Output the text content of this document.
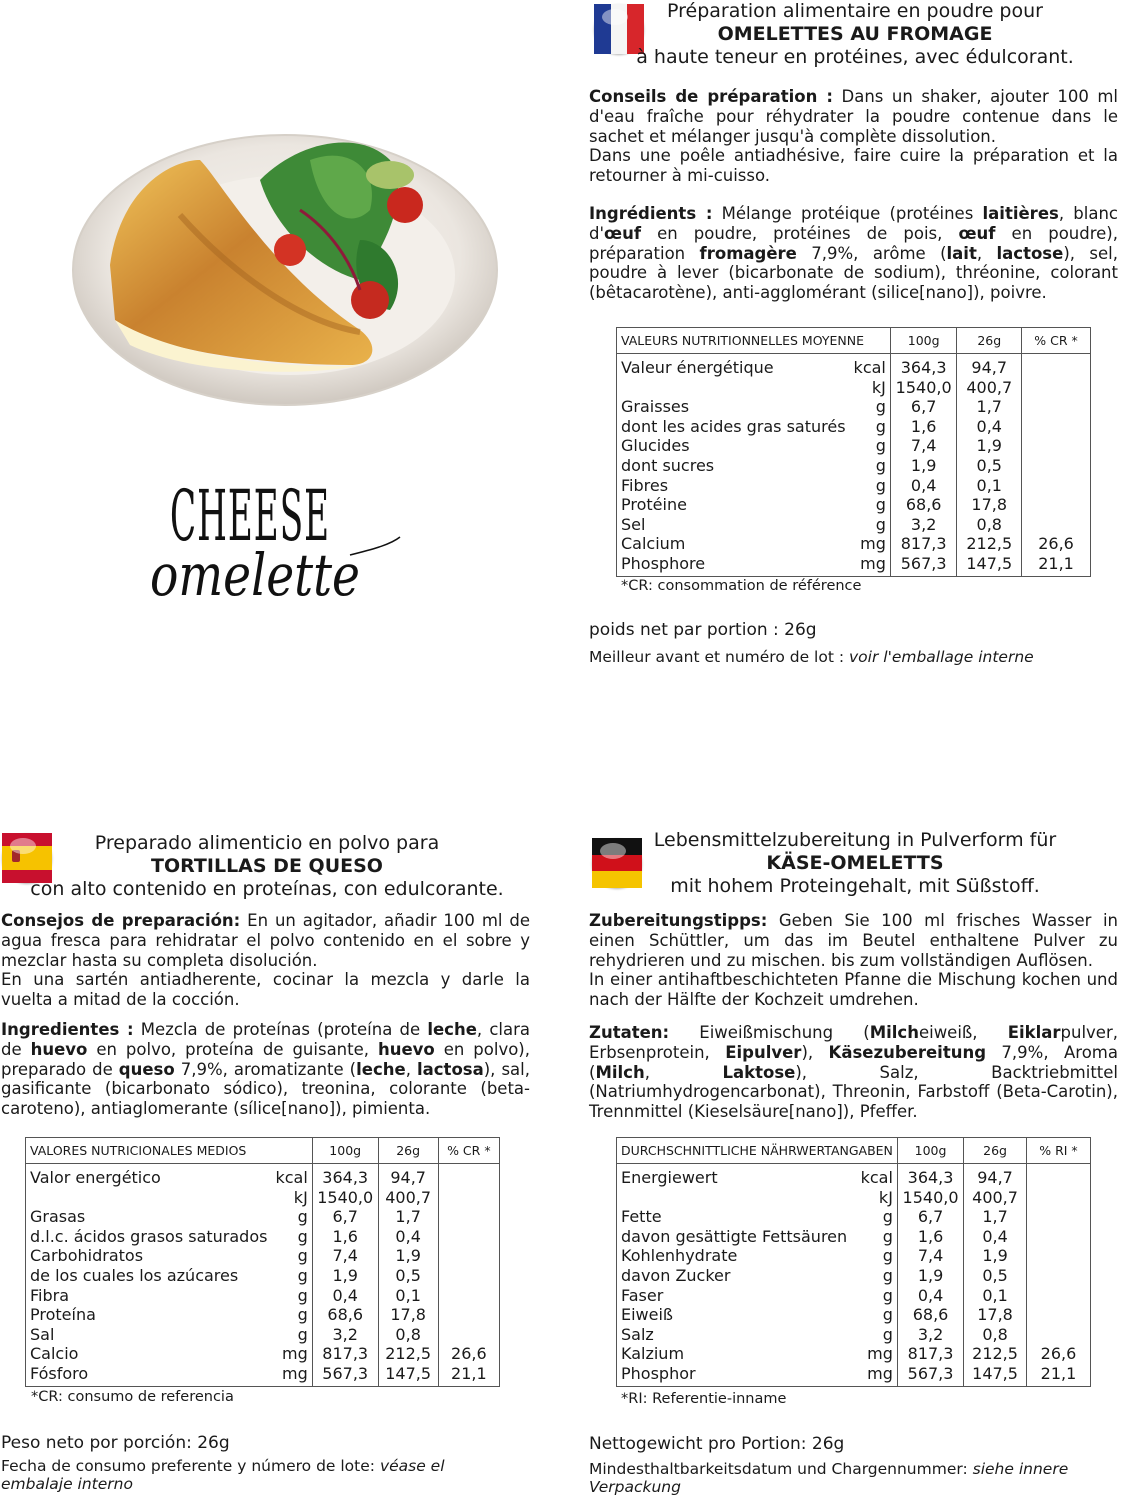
CHEESE
omelette
Préparation alimentaire en poudre pour
OMELETTES AU FROMAGE
à haute teneur en protéines, avec édulcorant.
Conseils de préparation : Dans un shaker, ajouter 100 ml d'eau fraîche pour réhydrater la poudre contenue dans le sachet et mélanger jusqu'à complète dissolution.
Dans une poêle antiadhésive, faire cuire la préparation et la retourner à mi-cuisso.
Ingrédients : Mélange protéique (protéines laitières, blanc d'œuf en poudre, protéines de pois, œuf en poudre), préparation fromagère 7,9%, arôme (lait, lactose), sel, poudre à lever (bicarbonate de sodium), thréonine, colorant (bêtacarotène), anti-agglomérant (silice[nano]), poivre.
VALEURS NUTRITIONNELLES MOYENNE		100g	26g	% CR *
Valeur énergétique	kcal	364,3	94,7	
	kJ	1540,0	400,7	
Graisses	g	6,7	1,7	
dont les acides gras saturés	g	1,6	0,4	
Glucides	g	7,4	1,9	
dont sucres	g	1,9	0,5	
Fibres	g	0,4	0,1	
Protéine	g	68,6	17,8	
Sel	g	3,2	0,8	
Calcium	mg	817,3	212,5	26,6
Phosphore	mg	567,3	147,5	21,1
*CR: consommation de référence
poids net par portion : 26g
Meilleur avant et numéro de lot : voir l'emballage interne
Preparado alimenticio en polvo para
TORTILLAS DE QUESO
con alto contenido en proteínas, con edulcorante.
Consejos de preparación: En un agitador, añadir 100 ml de agua fresca para rehidratar el polvo contenido en el sobre y mezclar hasta su completa disolución.
En una sartén antiadherente, cocinar la mezcla y darle la vuelta a mitad de la cocción.
Ingredientes : Mezcla de proteínas (proteína de leche, clara de huevo en polvo, proteína de guisante, huevo en polvo), preparado de queso 7,9%, aromatizante (leche, lactosa), sal, gasificante (bicarbonato sódico), treonina, colorante (beta-caroteno), antiaglomerante (sílice[nano]), pimienta.
VALORES NUTRICIONALES MEDIOS		100g	26g	% CR *
Valor energético	kcal	364,3	94,7	
	kJ	1540,0	400,7	
Grasas	g	6,7	1,7	
d.l.c. ácidos grasos saturados	g	1,6	0,4	
Carbohidratos	g	7,4	1,9	
de los cuales los azúcares	g	1,9	0,5	
Fibra	g	0,4	0,1	
Proteína	g	68,6	17,8	
Sal	g	3,2	0,8	
Calcio	mg	817,3	212,5	26,6
Fósforo	mg	567,3	147,5	21,1
*CR: consumo de referencia
Peso neto por porción: 26g
Fecha de consumo preferente y número de lote: véase el embalaje interno
Lebensmittelzubereitung in Pulverform für
KÄSE-OMELETTS
mit hohem Proteingehalt, mit Süßstoff.
Zubereitungstipps: Geben Sie 100 ml frisches Wasser in einen Schüttler, um das im Beutel enthaltene Pulver zu rehydrieren und zu mischen. bis zum vollständigen Auflösen.
In einer antihaftbeschichteten Pfanne die Mischung kochen und nach der Hälfte der Kochzeit umdrehen.
Zutaten: Eiweißmischung (Milcheiweiß, Eiklarpulver, Erbsenprotein, Eipulver), Käsezubereitung 7,9%, Aroma (Milch, Laktose), Salz, Backtriebmittel (Natriumhydrogencarbonat), Threonin, Farbstoff (Beta-Carotin), Trennmittel (Kieselsäure[nano]), Pfeffer.
DURCHSCHNITTLICHE NÄHRWERTANGABEN		100g	26g	% RI *
Energiewert	kcal	364,3	94,7	
	kJ	1540,0	400,7	
Fette	g	6,7	1,7	
davon gesättigte Fettsäuren	g	1,6	0,4	
Kohlenhydrate	g	7,4	1,9	
davon Zucker	g	1,9	0,5	
Faser	g	0,4	0,1	
Eiweiß	g	68,6	17,8	
Salz	g	3,2	0,8	
Kalzium	mg	817,3	212,5	26,6
Phosphor	mg	567,3	147,5	21,1
*RI: Referentie-inname
Nettogewicht pro Portion: 26g
Mindesthaltbarkeitsdatum und Chargennummer: siehe innere Verpackung
